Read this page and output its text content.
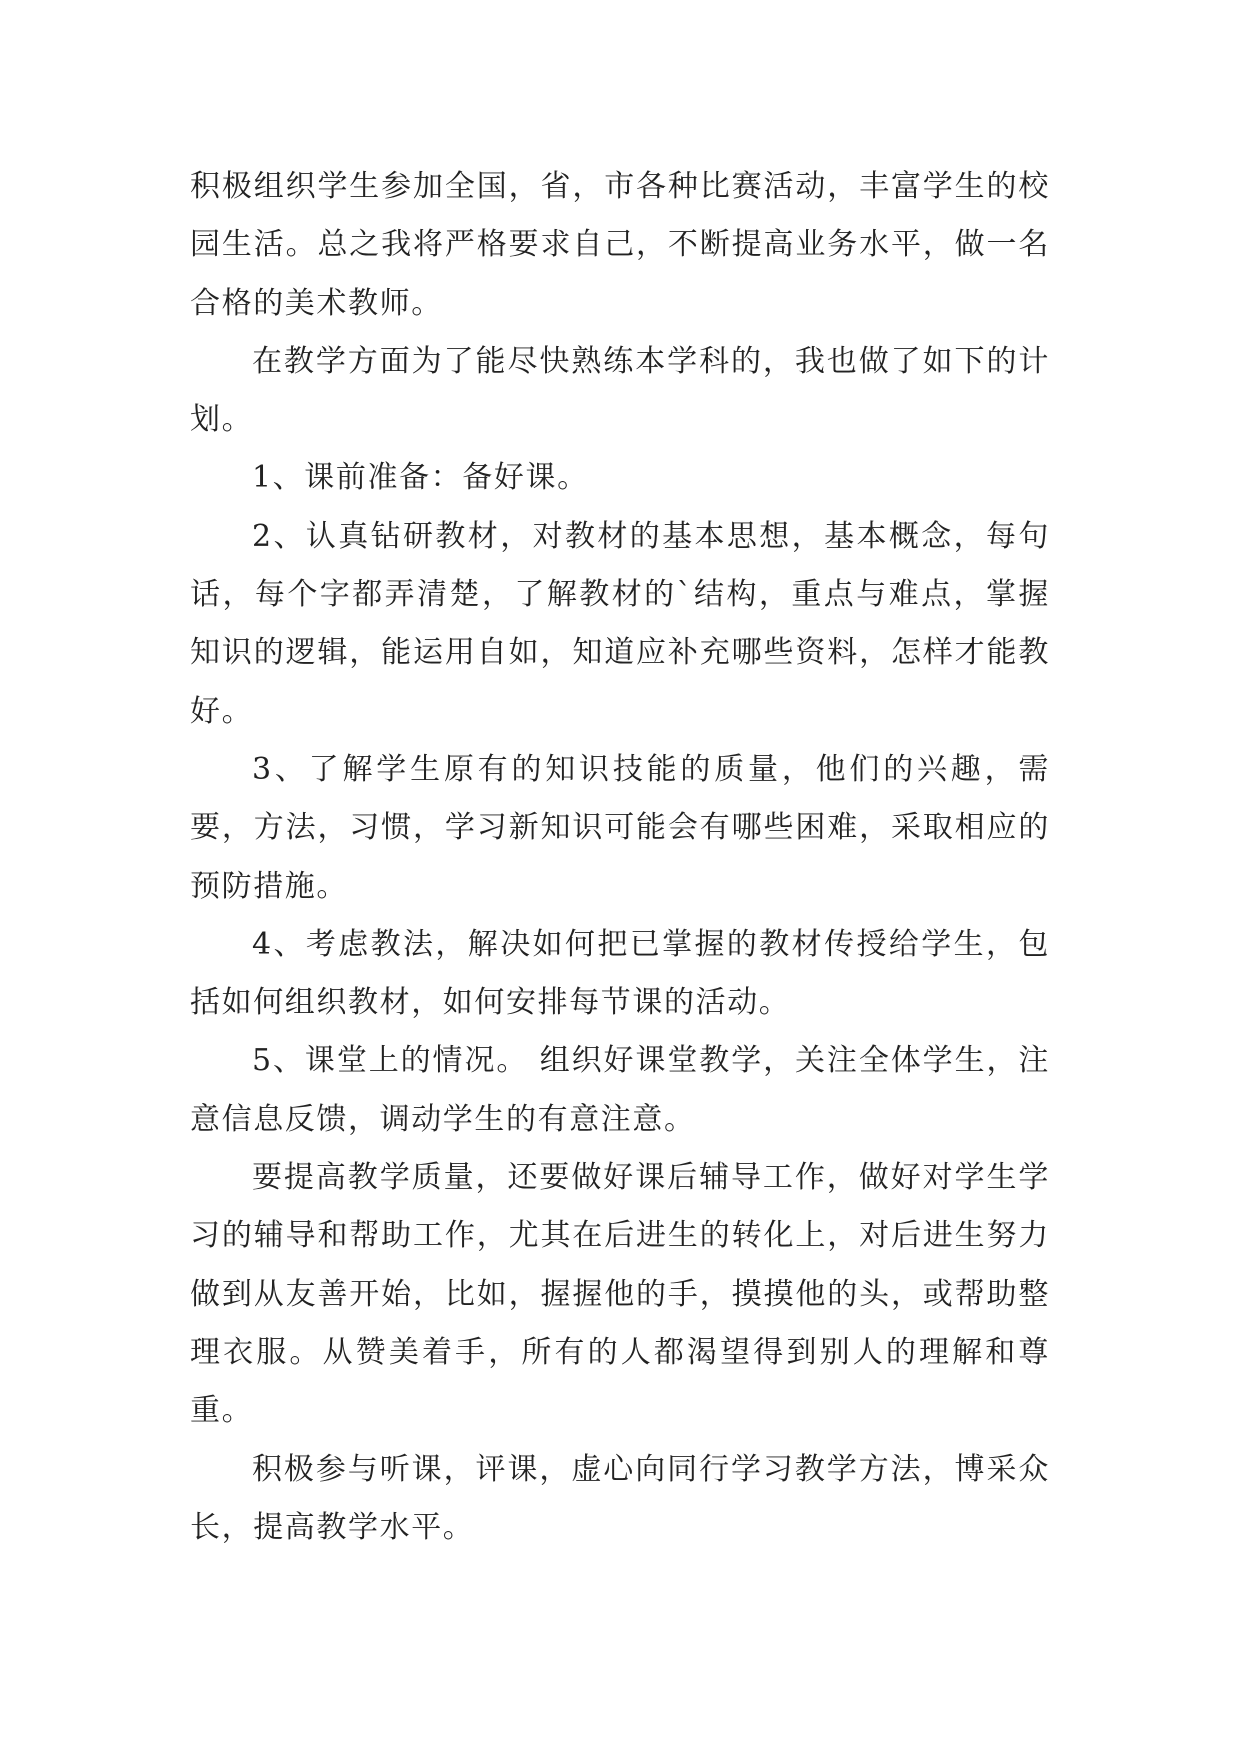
积极组织学生参加全国，省，市各种比赛活动，丰富学生的校园生活。总之我将严格要求自己，不断提高业务水平，做一名合格的美术教师。

在教学方面为了能尽快熟练本学科的，我也做了如下的计划。

1、课前准备：备好课。

2、认真钻研教材，对教材的基本思想，基本概念，每句话，每个字都弄清楚，了解教材的`结构，重点与难点，掌握知识的逻辑，能运用自如，知道应补充哪些资料，怎样才能教好。

3、了解学生原有的知识技能的质量，他们的兴趣，需要，方法，习惯，学习新知识可能会有哪些困难，采取相应的预防措施。

4、考虑教法，解决如何把已掌握的教材传授给学生，包括如何组织教材，如何安排每节课的活动。

5、课堂上的情况。 组织好课堂教学，关注全体学生，注意信息反馈，调动学生的有意注意。

要提高教学质量，还要做好课后辅导工作，做好对学生学习的辅导和帮助工作，尤其在后进生的转化上，对后进生努力做到从友善开始，比如，握握他的手，摸摸他的头，或帮助整理衣服。从赞美着手，所有的人都渴望得到别人的理解和尊重。

积极参与听课，评课，虚心向同行学习教学方法，博采众长，提高教学水平。
